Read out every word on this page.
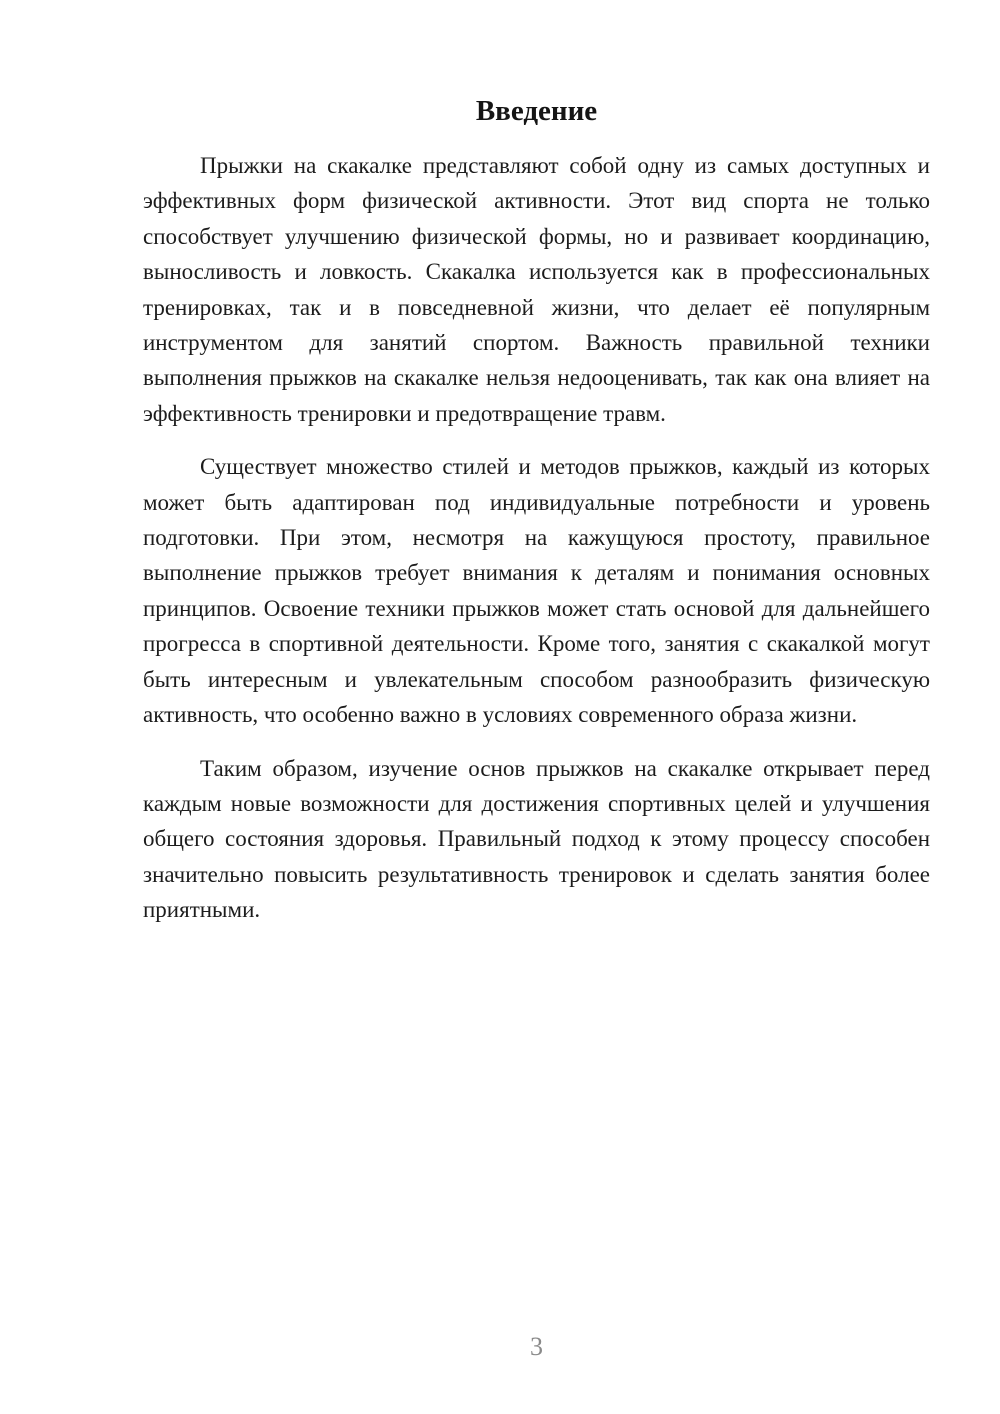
Введение

Прыжки на скакалке представляют собой одну из самых доступных и эффективных форм физической активности. Этот вид спорта не только способствует улучшению физической формы, но и развивает координацию, выносливость и ловкость. Скакалка используется как в профессиональных тренировках, так и в повседневной жизни, что делает её популярным инструментом для занятий спортом. Важность правильной техники выполнения прыжков на скакалке нельзя недооценивать, так как она влияет на эффективность тренировки и предотвращение травм.

Существует множество стилей и методов прыжков, каждый из которых может быть адаптирован под индивидуальные потребности и уровень подготовки. При этом, несмотря на кажущуюся простоту, правильное выполнение прыжков требует внимания к деталям и понимания основных принципов. Освоение техники прыжков может стать основой для дальнейшего прогресса в спортивной деятельности. Кроме того, занятия с скакалкой могут быть интересным и увлекательным способом разнообразить физическую активность, что особенно важно в условиях современного образа жизни.

Таким образом, изучение основ прыжков на скакалке открывает перед каждым новые возможности для достижения спортивных целей и улучшения общего состояния здоровья. Правильный подход к этому процессу способен значительно повысить результативность тренировок и сделать занятия более приятными.

3
